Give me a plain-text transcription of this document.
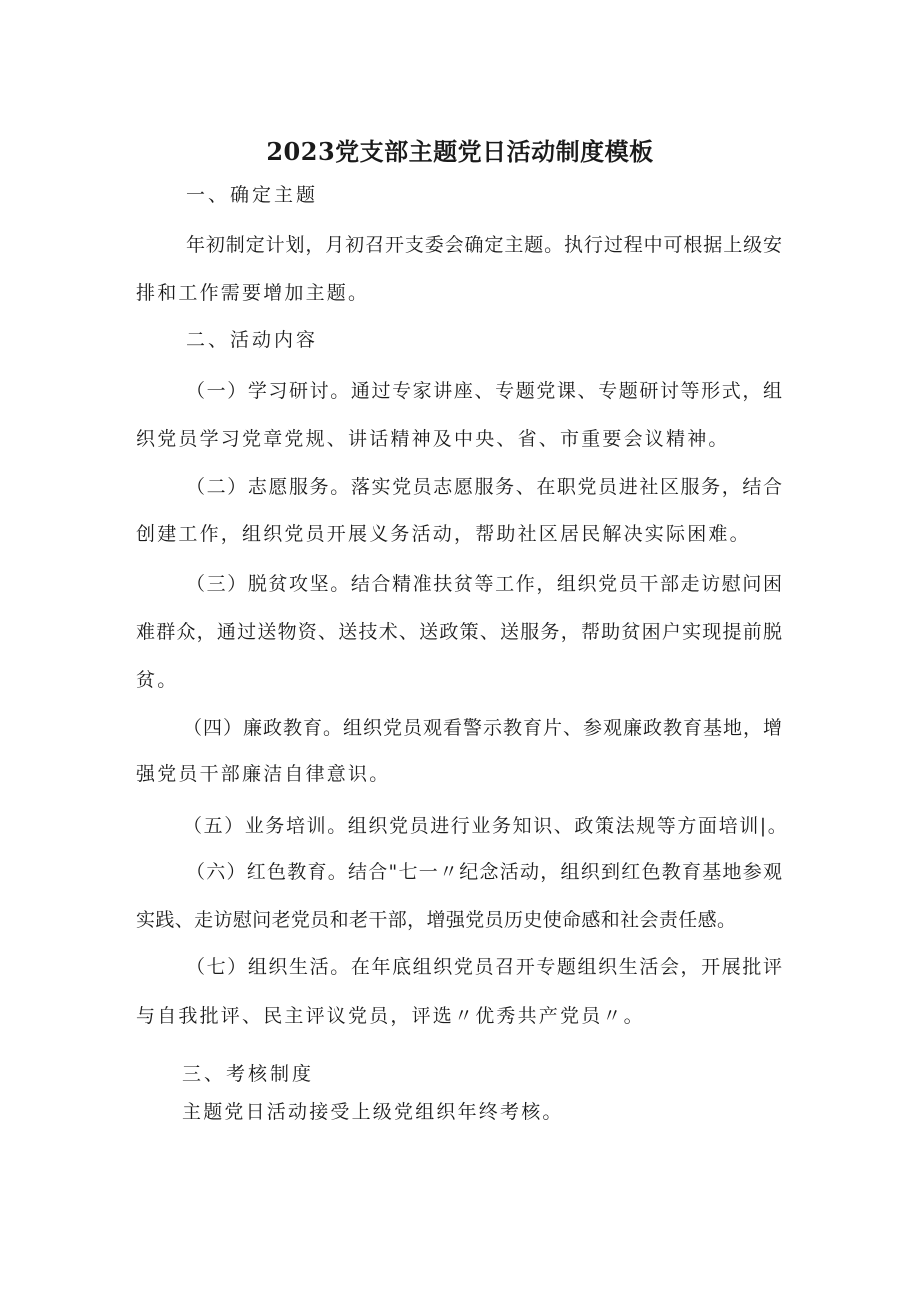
2023党支部主题党日活动制度模板
一、确定主题
年初制定计划，月初召开支委会确定主题。执行过程中可根据上级安
排和工作需要增加主题。
二、活动内容
（一）学习研讨。通过专家讲座、专题党课、专题研讨等形式，组
织党员学习党章党规、讲话精神及中央、省、市重要会议精神。
（二）志愿服务。落实党员志愿服务、在职党员进社区服务，结合
创建工作，组织党员开展义务活动，帮助社区居民解决实际困难。
（三）脱贫攻坚。结合精准扶贫等工作，组织党员干部走访慰问困
难群众，通过送物资、送技术、送政策、送服务，帮助贫困户实现提前脱
贫。
（四）廉政教育。组织党员观看警示教育片、参观廉政教育基地，增
强党员干部廉洁自律意识。
（五）业务培训。组织党员进行业务知识、政策法规等方面培训|。
（六）红色教育。结合"七一〃纪念活动，组织到红色教育基地参观
实践、走访慰问老党员和老干部，增强党员历史使命感和社会责任感。
（七）组织生活。在年底组织党员召开专题组织生活会，开展批评
与自我批评、民主评议党员，评选〃优秀共产党员〃。
三、考核制度
主题党日活动接受上级党组织年终考核。
